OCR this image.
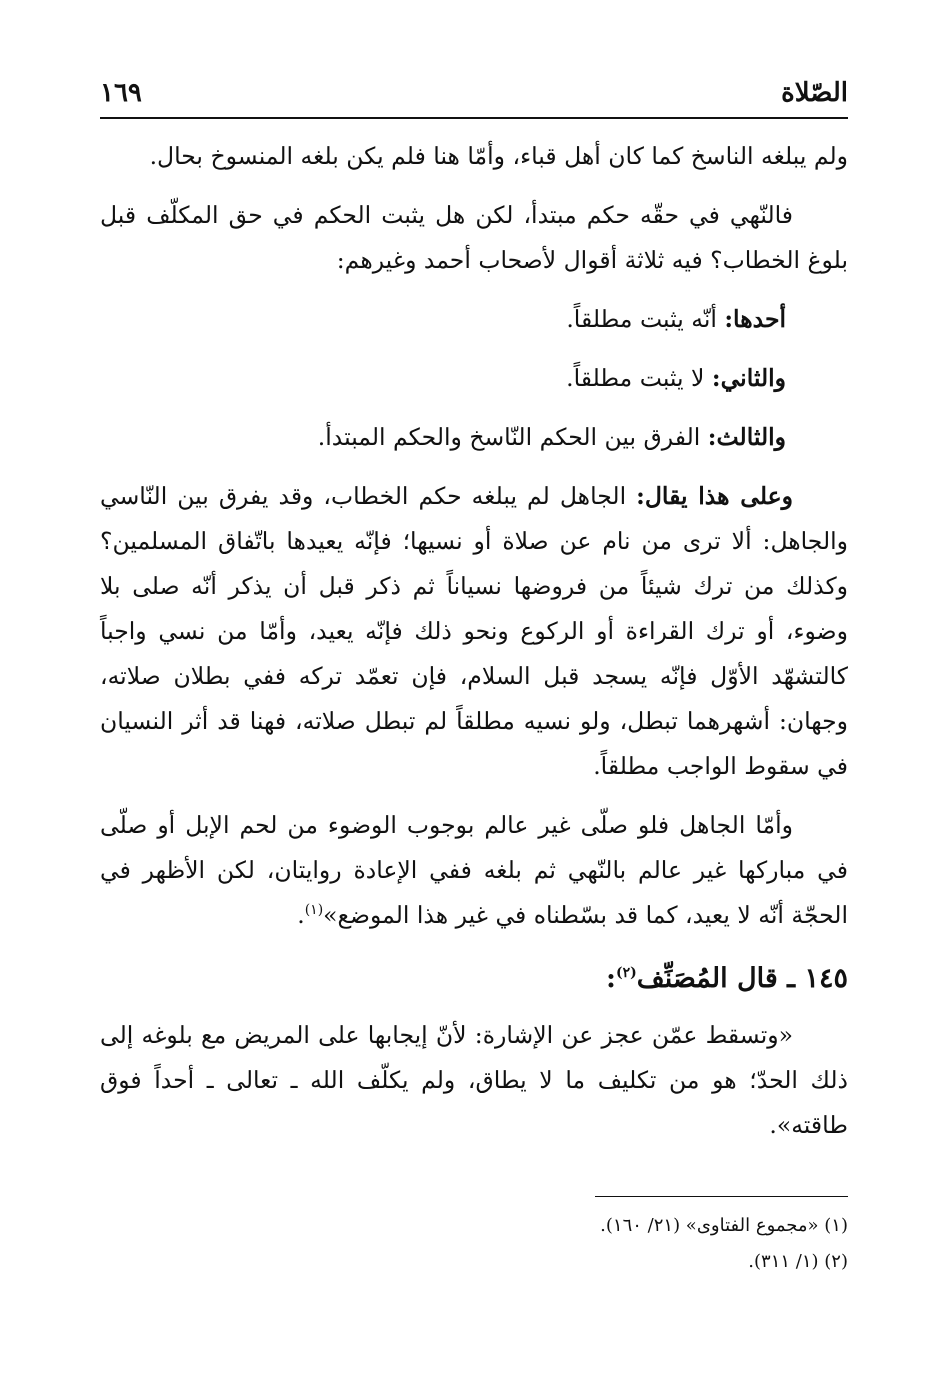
الصّلاة
١٦٩

ولم يبلغه الناسخ كما كان أهل قباء، وأمّا هنا فلم يكن بلغه المنسوخ بحال.

فالنّهي في حقّه حكم مبتدأ، لكن هل يثبت الحكم في حق المكلّف قبل بلوغ الخطاب؟ فيه ثلاثة أقوال لأصحاب أحمد وغيرهم:

أحدها: أنّه يثبت مطلقاً.

والثاني: لا يثبت مطلقاً.

والثالث: الفرق بين الحكم النّاسخ والحكم المبتدأ.

وعلى هذا يقال: الجاهل لم يبلغه حكم الخطاب، وقد يفرق بين النّاسي والجاهل: ألا ترى من نام عن صلاة أو نسيها؛ فإنّه يعيدها باتّفاق المسلمين؟ وكذلك من ترك شيئاً من فروضها نسياناً ثم ذكر قبل أن يذكر أنّه صلى بلا وضوء، أو ترك القراءة أو الركوع ونحو ذلك فإنّه يعيد، وأمّا من نسي واجباً كالتشهّد الأوّل فإنّه يسجد قبل السلام، فإن تعمّد تركه ففي بطلان صلاته، وجهان: أشهرهما تبطل، ولو نسيه مطلقاً لم تبطل صلاته، فهنا قد أثر النسيان في سقوط الواجب مطلقاً.

وأمّا الجاهل فلو صلّى غير عالم بوجوب الوضوء من لحم الإبل أو صلّى في مباركها غير عالم بالنّهي ثم بلغه ففي الإعادة روايتان، لكن الأظهر في الحجّة أنّه لا يعيد، كما قد بسّطناه في غير هذا الموضع»$^{(١)}$.

١٤٥ ـ قال المُصَنِّف$^{(٢)}$:

«وتسقط عمّن عجز عن الإشارة: لأنّ إيجابها على المريض مع بلوغه إلى ذلك الحدّ؛ هو من تكليف ما لا يطاق، ولم يكلّف الله ـ تعالى ـ أحداً فوق طاقته».

(١) «مجموع الفتاوى» (٢١/ ١٦٠).
(٢) (١/ ٣١١).
